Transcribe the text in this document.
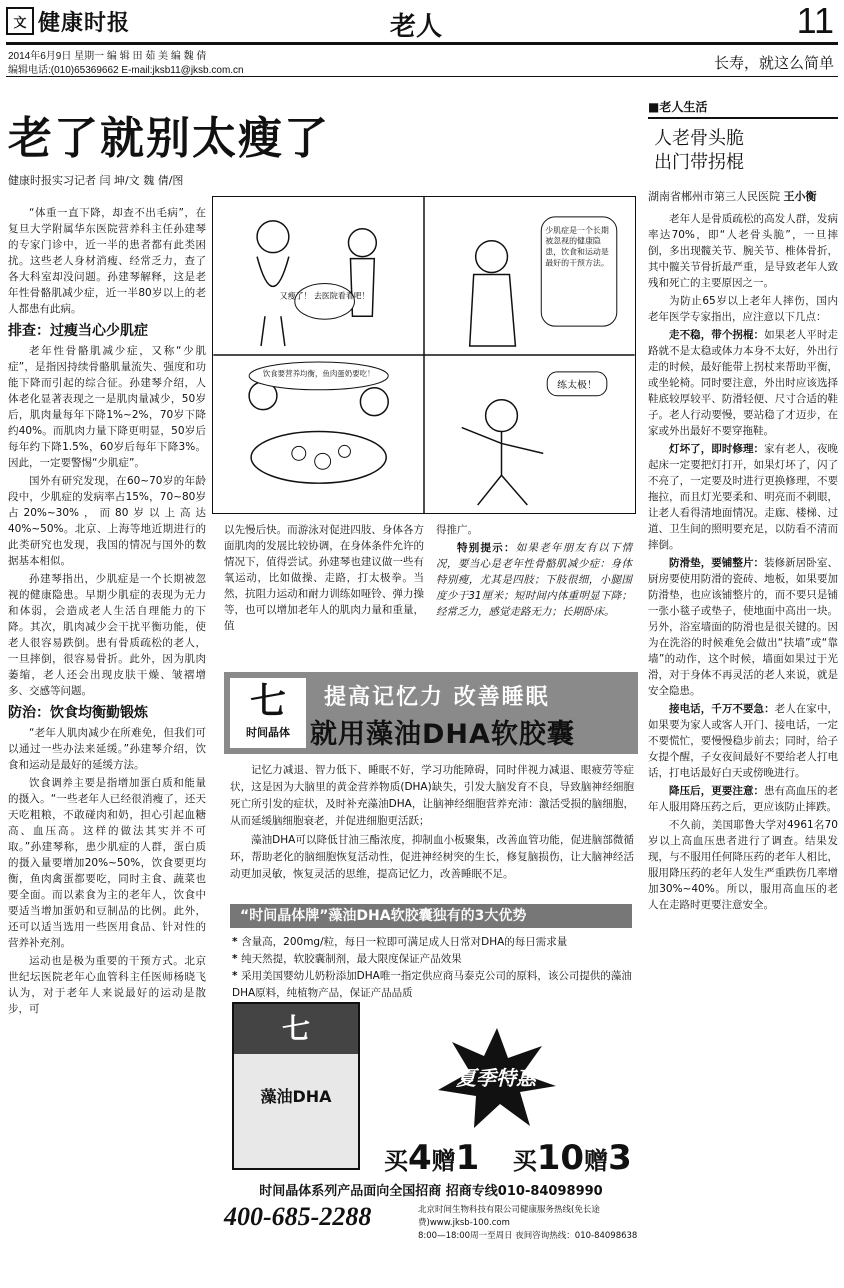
文 健康时报	老人	11
2014年6月9日 星期一 编 辑 田 茹 美 编 魏 倩
编辑电话:(010)65369662 E-mail:jksb11@jksb.com.cn	长寿，就这么简单
老了就别太瘦了
健康时报实习记者 闫 坤/文 魏 倩/图

“体重一直下降，却查不出毛病”，在复旦大学附属华东医院营养科主任孙建琴的专家门诊中，近一半的患者都有此类困扰。这些老人身材消瘦、经常乏力，查了各大科室却没问题。孙建琴解释，这是老年性骨骼肌减少症，近一半80岁以上的老人都患有此病。

排查：过瘦当心少肌症

老年性骨骼肌减少症，又称“少肌症”，是指因持续骨骼肌量流失、强度和功能下降而引起的综合征。孙建琴介绍，人体老化显著表现之一是肌肉量减少，50岁后，肌肉量每年下降1%~2%，70岁下降约40%。而肌肉力量下降更明显，50岁后每年约下降1.5%，60岁后每年下降3%。因此，一定要警惕“少肌症”。

国外有研究发现，在60~70岁的年龄段中，少肌症的发病率占15%，70~80岁占20%~30%，而80岁以上高达40%~50%。北京、上海等地近期进行的此类研究也发现，我国的情况与国外的数据基本相似。

孙建琴指出，少肌症是一个长期被忽视的健康隐患。早期少肌症的表现为无力和体弱，会造成老人生活自理能力的下降。其次，肌肉减少会干扰平衡功能，使老人很容易跌倒。患有骨质疏松的老人，一旦摔倒，很容易骨折。此外，因为肌肉萎缩，老人还会出现皮肤干燥、皱褶增多、交感等问题。

防治：饮食均衡勤锻炼

“老年人肌肉减少在所难免，但我们可以通过一些办法来延缓。”孙建琴介绍，饮食和运动是最好的延缓方法。

饮食调养主要是指增加蛋白质和能量的摄入。“一些老年人已经很消瘦了，还天天吃粗粮，不敢碰肉和奶，担心引起血糖高、血压高。这样的做法其实并不可取。”孙建琴称，患少肌症的人群，蛋白质的摄入量要增加20%~50%，饮食要更均衡，鱼肉禽蛋都要吃，同时主食、蔬菜也要全面。而以素食为主的老年人，饮食中要适当增加蛋奶和豆制品的比例。此外，还可以适当选用一些医用食品、针对性的营养补充剂。

运动也是极为重要的干预方式。北京世纪坛医院老年心血管科主任医师杨晓飞认为，对于老年人来说最好的运动是散步，可

又瘦了！ 去医院看看吧！
少肌症是一个长期被忽视的健康隐患，饮食和运动是最好的干预方法。
饮食要营养均衡，鱼肉蛋奶要吃！
练太极！

以先慢后快。而游泳对促进四肢、身体各方面肌肉的发展比较协调，在身体条件允许的情况下，值得尝试。孙建琴也建议做一些有氧运动，比如做操、走路，打太极拳。当然，抗阻力运动和耐力训练如哑铃、弹力操等，也可以增加老年人的肌肉力量和重量，值

得推广。

特别提示：如果老年朋友有以下情况，要当心是老年性骨骼肌减少症：身体特别瘦，尤其是四肢；下肢很细，小腿围度少于31厘米；短时间内体重明显下降；经常乏力，感觉走路无力；长期卧床。

■老人生活
人老骨头脆
出门带拐棍
湖南省郴州市第三人民医院 王小衡

老年人是骨质疏松的高发人群，发病率达70%，即“人老骨头脆”，一旦摔倒，多出现髋关节、腕关节、椎体骨折，其中髋关节骨折最严重，是导致老年人致残和死亡的主要原因之一。

为防止65岁以上老年人摔伤，国内老年医学专家指出，应注意以下几点：

走不稳，带个拐棍：如果老人平时走路就不是太稳或体力本身不太好，外出行走的时候，最好能带上拐杖来帮助平衡，或坐轮椅。同时要注意，外出时应该选择鞋底较厚较平、防滑轻便、尺寸合适的鞋子。老人行动要慢，要站稳了才迈步，在家或外出最好不要穿拖鞋。

灯坏了，即时修理：家有老人，夜晚起床一定要把灯打开，如果灯坏了，闪了不亮了，一定要及时进行更换修理，不要拖拉，而且灯光要柔和、明亮而不刺眼，让老人看得清地面情况。走廊、楼梯、过道、卫生间的照明要充足，以防看不清而摔倒。

防滑垫，要铺整片：装修新居卧室、厨房要使用防滑的瓷砖、地板，如果要加防滑垫，也应该铺整片的，而不要只是铺一张小毯子或垫子，使地面中高出一块。另外，浴室墙面的防滑也是很关键的。因为在洗浴的时候难免会做出“扶墙”或“靠墙”的动作，这个时候，墙面如果过于光滑，对于身体不再灵活的老人来说，就是安全隐患。

接电话，千万不要急：老人在家中，如果要为家人或客人开门、接电话，一定不要慌忙，要慢慢稳步前去；同时，给子女提个醒，子女夜间最好不要给老人打电话，打电话最好白天或傍晚进行。

降压后，更要注意：患有高血压的老年人服用降压药之后，更应该防止摔跌。

不久前，美国耶鲁大学对4961名70岁以上高血压患者进行了调查。结果发现，与不服用任何降压药的老年人相比，服用降压药的老年人发生严重跌伤几率增加30%~40%。所以，服用高血压的老人在走路时更要注意安全。

七
时间晶体
提高记忆力 改善睡眠
就用藻油DHA软胶囊

记忆力减退、智力低下、睡眠不好，学习功能障碍，同时伴视力减退、眼疲劳等症状，这是因为大脑里的黄金营养物质(DHA)缺失，引发大脑发育不良，导致脑神经细胞死亡所引发的症状，及时补充藻油DHA，让脑神经细胞营养充沛：激活受损的脑细胞，从而延缓脑细胞衰老，并促进细胞更活跃；

藻油DHA可以降低甘油三酯浓度，抑制血小板聚集，改善血管功能，促进脑部微循环，帮助老化的脑细胞恢复活动性，促进神经树突的生长，修复脑损伤，让大脑神经活动更加灵敏，恢复灵活的思维，提高记忆力，改善睡眠不足。

“时间晶体牌”藻油DHA软胶囊独有的3大优势
* 含量高，200mg/粒，每日一粒即可满足成人日常对DHA的每日需求量
* 纯天然提，软胶囊制剂，最大限度保证产品效果
* 采用美国婴幼儿奶粉添加DHA唯一指定供应商马泰克公司的原料，该公司提供的藻油DHA原料，纯植物产品，保证产品品质
七
藻油DHA
夏季特惠
买4赠1 买10赠3
时间晶体系列产品面向全国招商 招商专线010-84098990
400-685-2288	北京时间生物科技有限公司健康服务热线(免长途费)www.jksb-100.com
8:00—18:00周一至周日 夜间咨询热线：010-84098638
